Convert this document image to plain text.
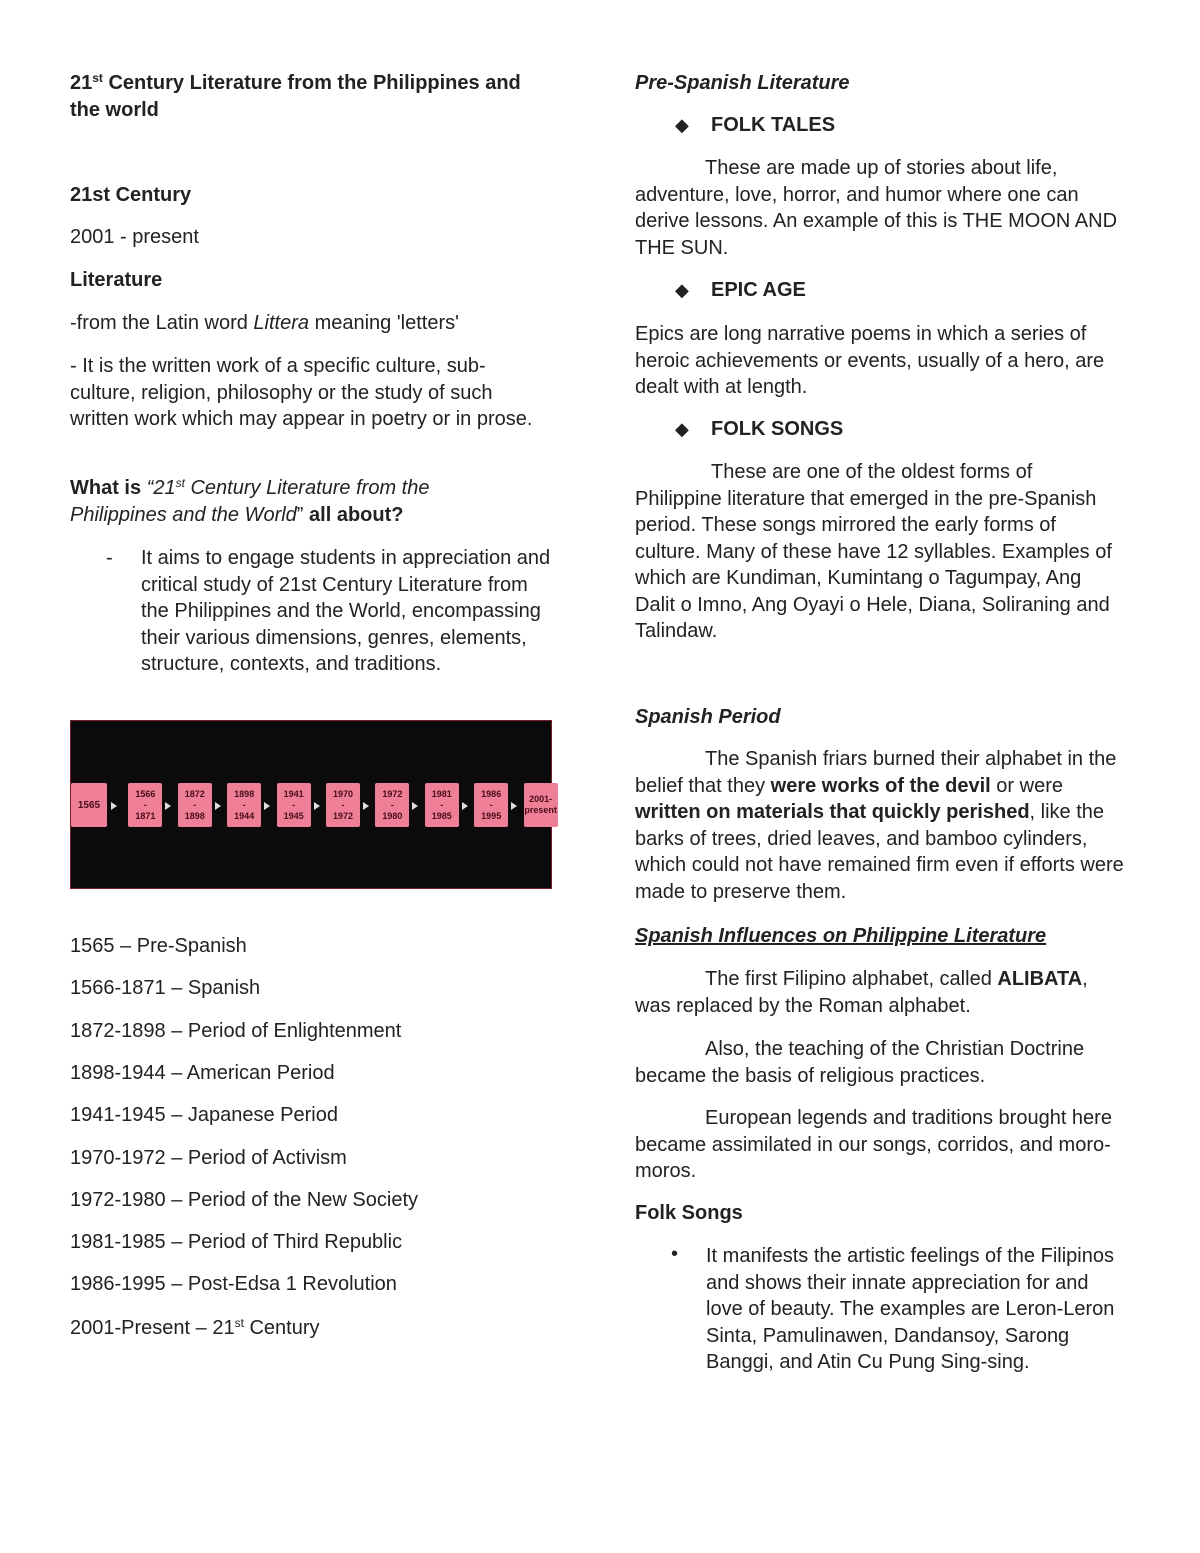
21st Century Literature from the Philippines and
the world
21st Century
2001 - present
Literature
-from the Latin word Littera meaning 'letters'
- It is the written work of a specific culture, sub-culture, religion, philosophy or the study of such written work which may appear in poetry or in prose.
What is “21st Century Literature from the Philippines and the World” all about?
- It aims to engage students in appreciation and critical study of 21st Century Literature from the Philippines and the World, encompassing their various dimensions, genres, elements, structure, contexts, and traditions.
1565
1566
-
1871
1872
-
1898
1898
-
1944
1941
-
1945
1970
-
1972
1972
-
1980
1981
-
1985
1986
-
1995
2001-
present
1565 – Pre-Spanish
1566-1871 – Spanish
1872-1898 – Period of Enlightenment
1898-1944 – American Period
1941-1945 – Japanese Period
1970-1972 – Period of Activism
1972-1980 – Period of the New Society
1981-1985 – Period of Third Republic
1986-1995 – Post-Edsa 1 Revolution
2001-Present – 21st Century
Pre-Spanish Literature
◆ FOLK TALES
These are made up of stories about life, adventure, love, horror, and humor where one can derive lessons. An example of this is THE MOON AND THE SUN.
◆ EPIC AGE
Epics are long narrative poems in which a series of heroic achievements or events, usually of a hero, are dealt with at length.
◆ FOLK SONGS
These are one of the oldest forms of Philippine literature that emerged in the pre-Spanish period. These songs mirrored the early forms of culture. Many of these have 12 syllables. Examples of which are Kundiman, Kumintang o Tagumpay, Ang Dalit o Imno, Ang Oyayi o Hele, Diana, Soliraning and Talindaw.
Spanish Period
The Spanish friars burned their alphabet in the belief that they were works of the devil or were written on materials that quickly perished, like the barks of trees, dried leaves, and bamboo cylinders, which could not have remained firm even if efforts were made to preserve them.
Spanish Influences on Philippine Literature
The first Filipino alphabet, called ALIBATA, was replaced by the Roman alphabet.
Also, the teaching of the Christian Doctrine became the basis of religious practices.
European legends and traditions brought here became assimilated in our songs, corridos, and moro-moros.
Folk Songs
• It manifests the artistic feelings of the Filipinos and shows their innate appreciation for and love of beauty. The examples are Leron-Leron Sinta, Pamulinawen, Dandansoy, Sarong Banggi, and Atin Cu Pung Sing-sing.
